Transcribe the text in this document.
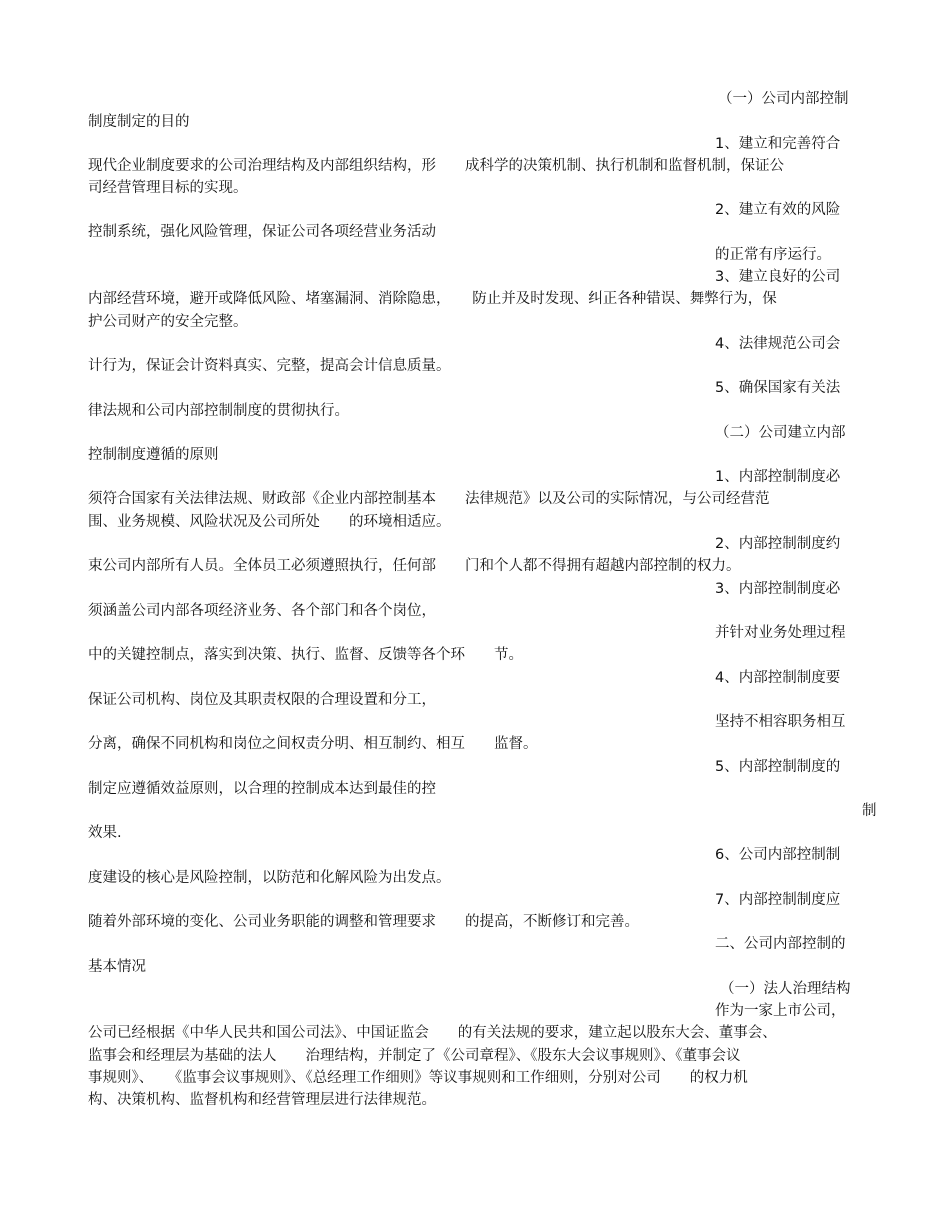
（一）公司内部控制
制度制定的目的
1、建立和完善符合
现代企业制度要求的公司治理结构及内部组织结构，形　　成科学的决策机制、执行机制和监督机制，保证公
司经营管理目标的实现。
2、建立有效的风险
控制系统，强化风险管理，保证公司各项经营业务活动
的正常有序运行。
3、建立良好的公司
内部经营环境，避开或降低风险、堵塞漏洞、消除隐患，　　防止并及时发现、纠正各种错误、舞弊行为，保
护公司财产的安全完整。
4、法律规范公司会
计行为，保证会计资料真实、完整，提高会计信息质量。
5、确保国家有关法
律法规和公司内部控制制度的贯彻执行。
（二）公司建立内部
控制制度遵循的原则
1、内部控制制度必
须符合国家有关法律法规、财政部《企业内部控制基本　　法律规范》以及公司的实际情况，与公司经营范
围、业务规模、风险状况及公司所处　　的环境相适应。
2、内部控制制度约
束公司内部所有人员。全体员工必须遵照执行，任何部　　门和个人都不得拥有超越内部控制的权力。
3、内部控制制度必
须涵盖公司内部各项经济业务、各个部门和各个岗位，
并针对业务处理过程
中的关键控制点，落实到决策、执行、监督、反馈等各个环　　节。
4、内部控制制度要
保证公司机构、岗位及其职责权限的合理设置和分工，
坚持不相容职务相互
分离，确保不同机构和岗位之间权责分明、相互制约、相互　　监督。
5、内部控制制度的
制定应遵循效益原则，以合理的控制成本达到最佳的控
制
效果.
6、公司内部控制制
度建设的核心是风险控制，以防范和化解风险为出发点。
7、内部控制制度应
随着外部环境的变化、公司业务职能的调整和管理要求　　的提高，不断修订和完善。
二、公司内部控制的
基本情况
（一）法人治理结构
作为一家上市公司，
公司已经根据《中华人民共和国公司法》、中国证监会　　的有关法规的要求，建立起以股东大会、董事会、
监事会和经理层为基础的法人　　治理结构，并制定了《公司章程》、《股东大会议事规则》、《董事会议
事规则》、　　《监事会议事规则》、《总经理工作细则》等议事规则和工作细则，分别对公司　　的权力机
构、决策机构、监督机构和经营管理层进行法律规范。
